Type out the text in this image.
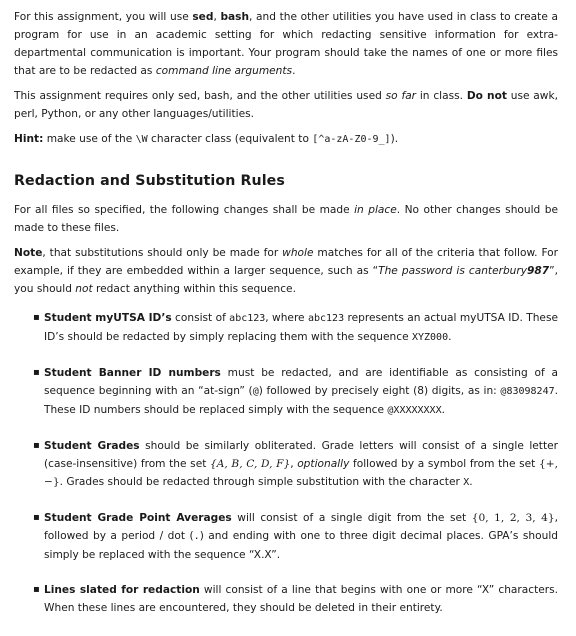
For this assignment, you will use sed, bash, and the other utilities you have used in class to create a program for use in an academic setting for which redacting sensitive information for extra-departmental communication is important. Your program should take the names of one or more files that are to be redacted as command line arguments.

This assignment requires only sed, bash, and the other utilities used so far in class. Do not use awk, perl, Python, or any other languages/utilities.

Hint: make use of the \W character class (equivalent to [^a-zA-Z0-9_]).

Redaction and Substitution Rules

For all files so specified, the following changes shall be made in place. No other changes should be made to these files.

Note, that substitutions should only be made for whole matches for all of the criteria that follow. For example, if they are embedded within a larger sequence, such as “The password is canterbury987”, you should not redact anything within this sequence.

▪ Student myUTSA ID’s consist of abc123, where abc123 represents an actual myUTSA ID. These ID’s should be redacted by simply replacing them with the sequence XYZ000.

▪ Student Banner ID numbers must be redacted, and are identifiable as consisting of a sequence beginning with an “at-sign” (@) followed by precisely eight (8) digits, as in: @83098247. These ID numbers should be replaced simply with the sequence @XXXXXXXX.

▪ Student Grades should be similarly obliterated. Grade letters will consist of a single letter (case-insensitive) from the set {A, B, C, D, F}, optionally followed by a symbol from the set {+, −}. Grades should be redacted through simple substitution with the character X.

▪ Student Grade Point Averages will consist of a single digit from the set {0, 1, 2, 3, 4}, followed by a period / dot (.) and ending with one to three digit decimal places. GPA’s should simply be replaced with the sequence “X.X”.

▪ Lines slated for redaction will consist of a line that begins with one or more “X” characters. When these lines are encountered, they should be deleted in their entirety.
